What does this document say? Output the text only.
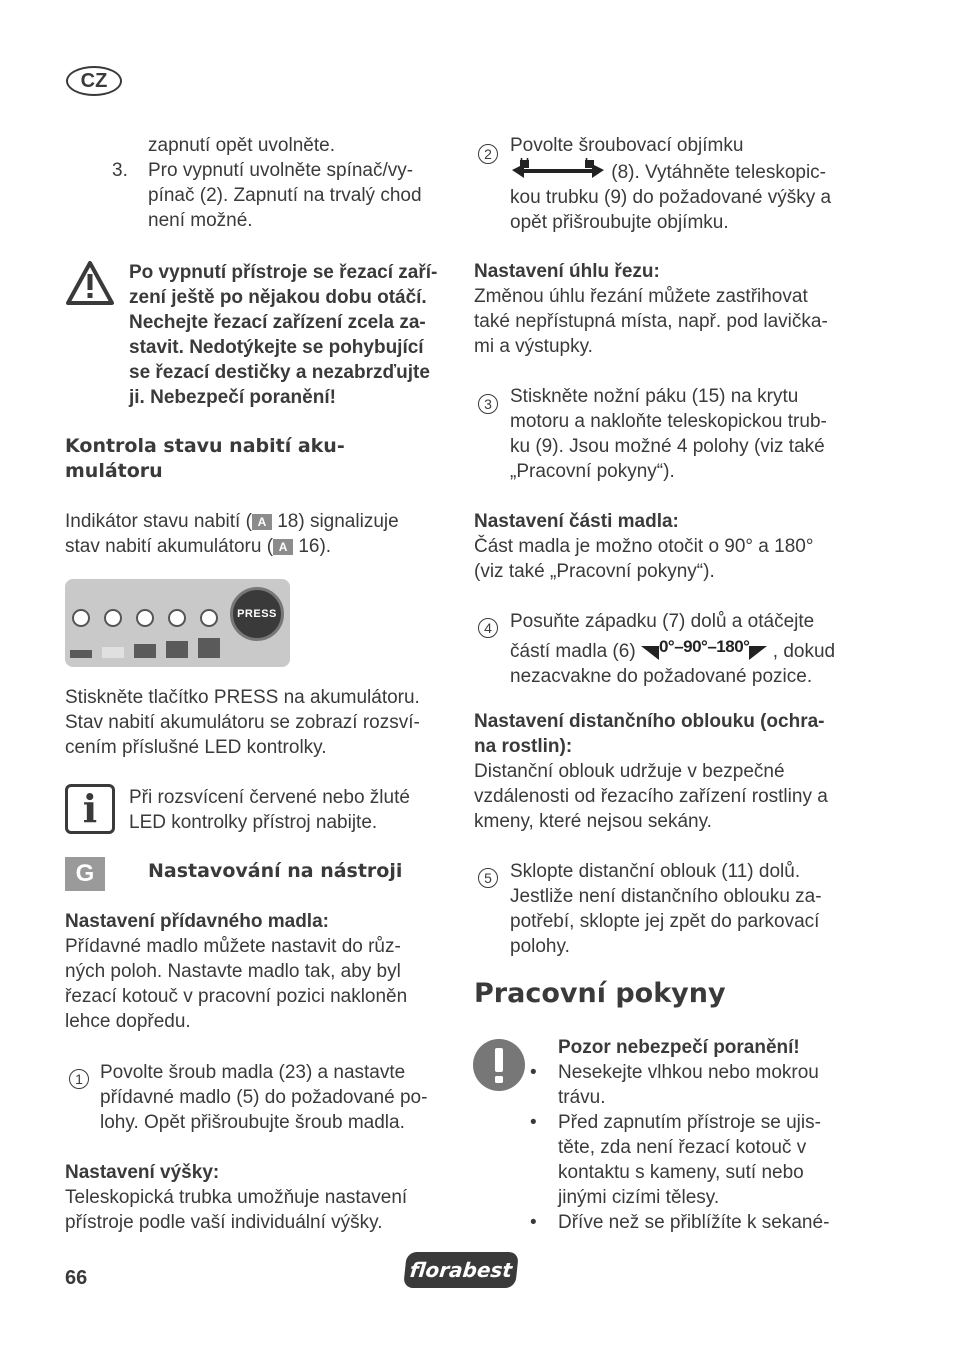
CZ

zapnutí opět uvolněte.

3. Pro vypnutí uvolněte spínač/vy-
pínač (2). Zapnutí na trvalý chod
není možné.
Po vypnutí přístroje se řezací zaří-
zení ještě po nějakou dobu otáčí.
Nechejte řezací zařízení zcela za-
stavit. Nedotýkejte se pohybující
se řezací destičky a nezabrzďujte
ji. Nebezpečí poranění!
Kontrola stavu nabití aku-
mulátoru
Indikátor stavu nabití ( A 18) signalizuje
stav nabití akumulátoru ( A 16).
PRESS
Stiskněte tlačítko PRESS na akumulátoru.
Stav nabití akumulátoru se zobrazí rozsví-
cením příslušné LED kontrolky.
i	Při rozsvícení červené nebo žluté
LED kontrolky přístroj nabijte.
G	Nastavování na nástroji
Nastavení přídavného madla:
Přídavné madlo můžete nastavit do růz-
ných poloh. Nastavte madlo tak, aby byl
řezací kotouč v pracovní pozici nakloněn
lehce dopředu.
1 Povolte šroub madla (23) a nastavte
přídavné madlo (5) do požadované po-
lohy. Opět přišroubujte šroub madla.
Nastavení výšky:
Teleskopická trubka umožňuje nastavení
přístroje podle vaší individuální výšky.
2 Povolte šroubovací objímku
(8). Vytáhněte teleskopic-
kou trubku (9) do požadované výšky a
opět přišroubujte objímku.
Nastavení úhlu řezu:
Změnou úhlu řezání můžete zastřihovat
také nepřístupná místa, např. pod lavička-
mi a výstupky.
3 Stiskněte nožní páku (15) na krytu
motoru a nakloňte teleskopickou trub-
ku (9). Jsou možné 4 polohy (viz také
„Pracovní pokyny“).
Nastavení části madla:
Část madla je možno otočit o 90° a 180°
(viz také „Pracovní pokyny“).
4 Posuňte západku (7) dolů a otáčejte
částí madla (6) 0°–90°–180° , dokud
nezacvakne do požadované pozice.
Nastavení distančního oblouku (ochra-
na rostlin):
Distanční oblouk udržuje v bezpečné
vzdálenosti od řezacího zařízení rostliny a
kmeny, které nejsou sekány.
5 Sklopte distanční oblouk (11) dolů.
Jestliže není distančního oblouku za-
potřebí, sklopte jej zpět do parkovací
polohy.
Pracovní pokyny
Pozor nebezpečí poranění!
• Nesekejte vlhkou nebo mokrou
trávu.
• Před zapnutím přístroje se ujis-
těte, zda není řezací kotouč v
kontaktu s kameny, sutí nebo
jinými cizími tělesy.
• Dříve než se přiblížíte k sekané-
66	florabest
